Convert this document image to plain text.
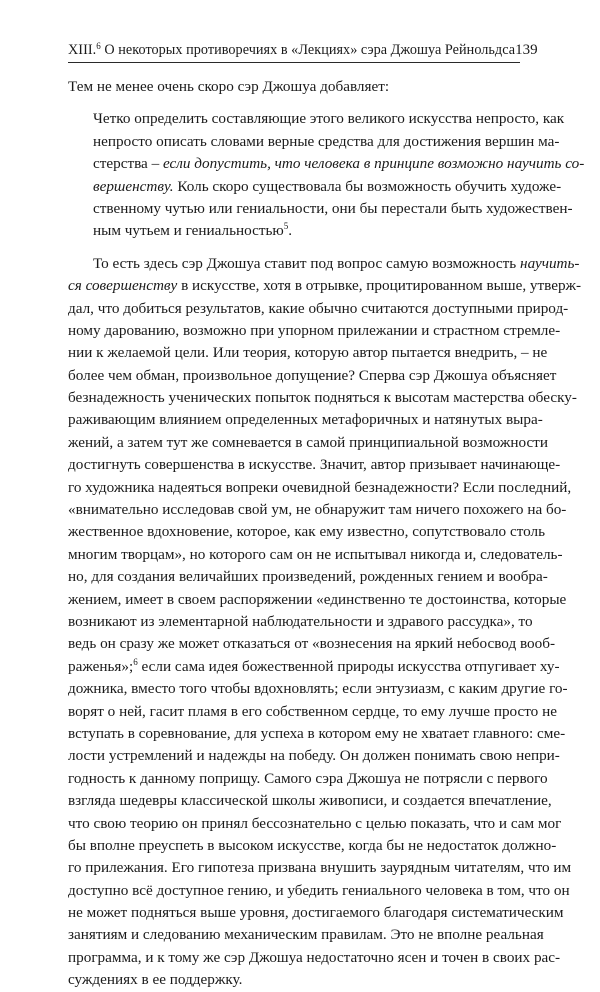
XIII.$^6$ О некоторых противоречиях в «Лекциях» сэра Джошуа Рейнольдса 139
Тем не менее очень скоро сэр Джошуа добавляет:
Четко определить составляющие этого великого искусства непросто, как
непросто описать словами верные средства для достижения вершин ма-
стерства – если допустить, что человека в принципе возможно научить со-
вершенству. Коль скоро существовала бы возможность обучить художе-
ственному чутью или гениальности, они бы перестали быть художествен-
ным чутьем и гениальностью$^5$.
То есть здесь сэр Джошуа ставит под вопрос самую возможность научить-
ся совершенству в искусстве, хотя в отрывке, процитированном выше, утверж-
дал, что добиться результатов, какие обычно считаются доступными природ-
ному дарованию, возможно при упорном прилежании и страстном стремле-
нии к желаемой цели. Или теория, которую автор пытается внедрить, – не
более чем обман, произвольное допущение? Сперва сэр Джошуа объясняет
безнадежность ученических попыток подняться к высотам мастерства обеску-
раживающим влиянием определенных метафоричных и натянутых выра-
жений, а затем тут же сомневается в самой принципиальной возможности
достигнуть совершенства в искусстве. Значит, автор призывает начинающе-
го художника надеяться вопреки очевидной безнадежности? Если последний,
«внимательно исследовав свой ум, не обнаружит там ничего похожего на бо-
жественное вдохновение, которое, как ему известно, сопутствовало столь
многим творцам», но которого сам он не испытывал никогда и, следователь-
но, для создания величайших произведений, рожденных гением и вообра-
жением, имеет в своем распоряжении «единственно те достоинства, которые
возникают из элементарной наблюдательности и здравого рассудка», то
ведь он сразу же может отказаться от «вознесения на яркий небосвод вооб-
раженья»;$^6$ если сама идея божественной природы искусства отпугивает ху-
дожника, вместо того чтобы вдохновлять; если энтузиазм, с каким другие го-
ворят о ней, гасит пламя в его собственном сердце, то ему лучше просто не
вступать в соревнование, для успеха в котором ему не хватает главного: сме-
лости устремлений и надежды на победу. Он должен понимать свою непри-
годность к данному поприщу. Самого сэра Джошуа не потрясли с первого
взгляда шедевры классической школы живописи, и создается впечатление,
что свою теорию он принял бессознательно с целью показать, что и сам мог
бы вполне преуспеть в высоком искусстве, когда бы не недостаток должно-
го прилежания. Его гипотеза призвана внушить заурядным читателям, что им
доступно всё доступное гению, и убедить гениального человека в том, что он
не может подняться выше уровня, достигаемого благодаря систематическим
занятиям и следованию механическим правилам. Это не вполне реальная
программа, и к тому же сэр Джошуа недостаточно ясен и точен в своих рас-
суждениях в ее поддержку.
